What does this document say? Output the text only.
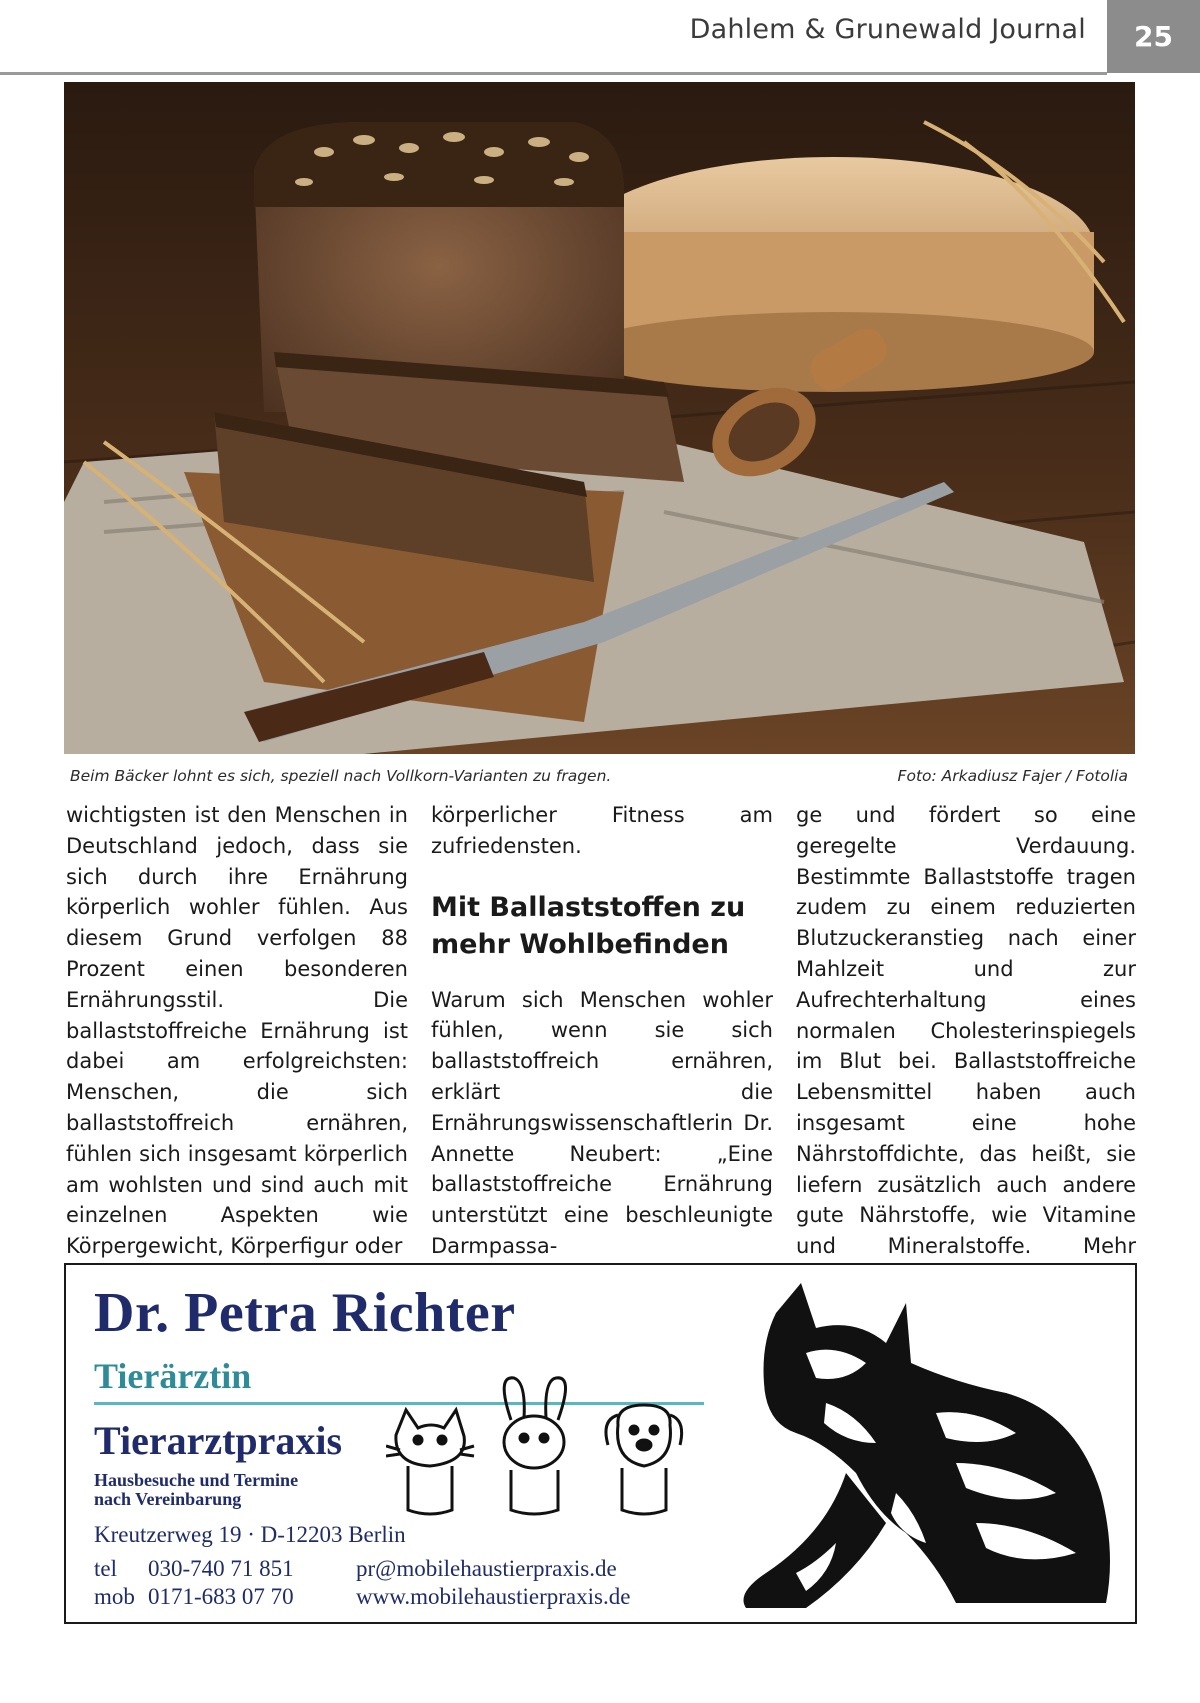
Dahlem & Grunewald Journal	25
Beim Bäcker lohnt es sich, speziell nach Vollkorn-Varianten zu fragen.	Foto: Arkadiusz Fajer / Fotolia

wichtigsten ist den Menschen in Deutschland jedoch, dass sie sich durch ihre Ernährung körperlich wohler fühlen. Aus diesem Grund verfolgen 88 Prozent einen besonderen Ernährungsstil. Die ballaststoffreiche Ernährung ist dabei am erfolgreichsten: Menschen, die sich ballaststoffreich ernähren, fühlen sich insgesamt körperlich am wohlsten und sind auch mit einzelnen Aspekten wie Körpergewicht, Körperfigur oder

körperlicher Fitness am zufriedensten.

Mit Ballaststoffen zu mehr Wohlbefinden

Warum sich Menschen wohler fühlen, wenn sie sich ballaststoffreich ernähren, erklärt die Ernährungswissenschaftlerin Dr. Annette Neubert: „Eine ballaststoffreiche Ernährung unterstützt eine beschleunigte Darmpassa-

ge und fördert so eine geregelte Verdauung. Bestimmte Ballaststoffe tragen zudem zu einem reduzierten Blutzuckeranstieg nach einer Mahlzeit und zur Aufrechterhaltung eines normalen Cholesterinspiegels im Blut bei. Ballaststoffreiche Lebensmittel haben auch insgesamt eine hohe Nährstoffdichte, das heißt, sie liefern zusätzlich auch andere gute Nährstoffe, wie Vitamine und Mineralstoffe. Mehr

Dr. Petra Richter
Tierärztin
Tierarztpraxis
Hausbesuche und Termine
nach Vereinbarung
Kreutzerweg 19 · D-12203 Berlin
tel 030-740 71 851
mob 0171-683 07 70
pr@mobilehaustierpraxis.de
www.mobilehaustierpraxis.de
